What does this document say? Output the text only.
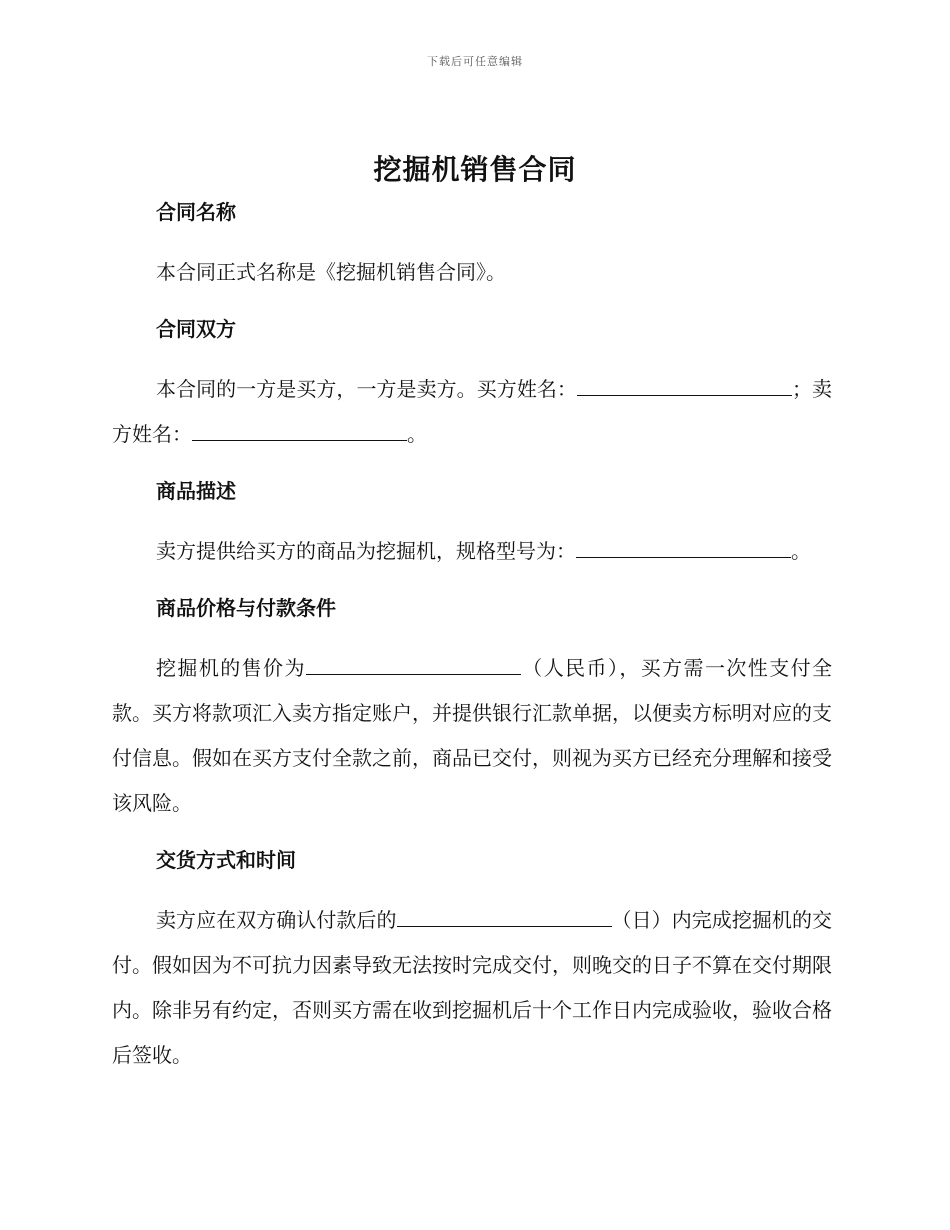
下载后可任意编辑
挖掘机销售合同
合同名称

本合同正式名称是《挖掘机销售合同》。

合同双方

本合同的一方是买方，一方是卖方。买方姓名：	；卖方姓名：	。

商品描述

卖方提供给买方的商品为挖掘机，规格型号为：	。

商品价格与付款条件

挖掘机的售价为	（人民币），买方需一次性支付全款。买方将款项汇入卖方指定账户，并提供银行汇款单据，以便卖方标明对应的支付信息。假如在买方支付全款之前，商品已交付，则视为买方已经充分理解和接受该风险。

交货方式和时间

卖方应在双方确认付款后的	（日）内完成挖掘机的交付。假如因为不可抗力因素导致无法按时完成交付，则晚交的日子不算在交付期限内。除非另有约定，否则买方需在收到挖掘机后十个工作日内完成验收，验收合格后签收。
